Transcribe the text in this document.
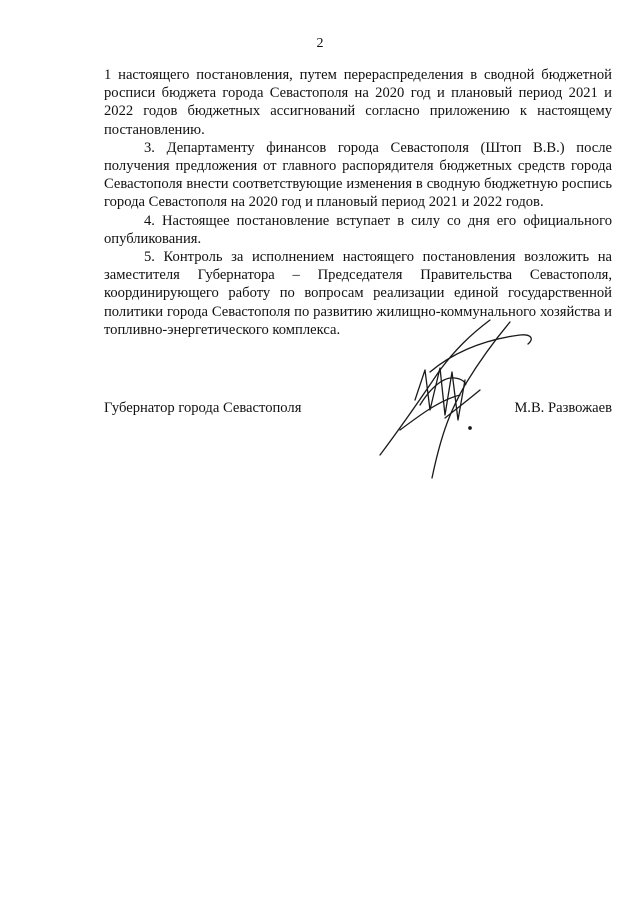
2

1 настоящего постановления, путем перераспределения в сводной бюджетной росписи бюджета города Севастополя на 2020 год и плановый период 2021 и 2022 годов бюджетных ассигнований согласно приложению к настоящему постановлению.

3. Департаменту финансов города Севастополя (Штоп В.В.) после получения предложения от главного распорядителя бюджетных средств города Севастополя внести соответствующие изменения в сводную бюджетную роспись города Севастополя на 2020 год и плановый период 2021 и 2022 годов.

4. Настоящее постановление вступает в силу со дня его официального опубликования.

5. Контроль за исполнением настоящего постановления возложить на заместителя Губернатора – Председателя Правительства Севастополя, координирующего работу по вопросам реализации единой государственной политики города Севастополя по развитию жилищно-коммунального хозяйства и топливно-энергетического комплекса.

Губернатор города Севастополя	М.В. Развожаев
